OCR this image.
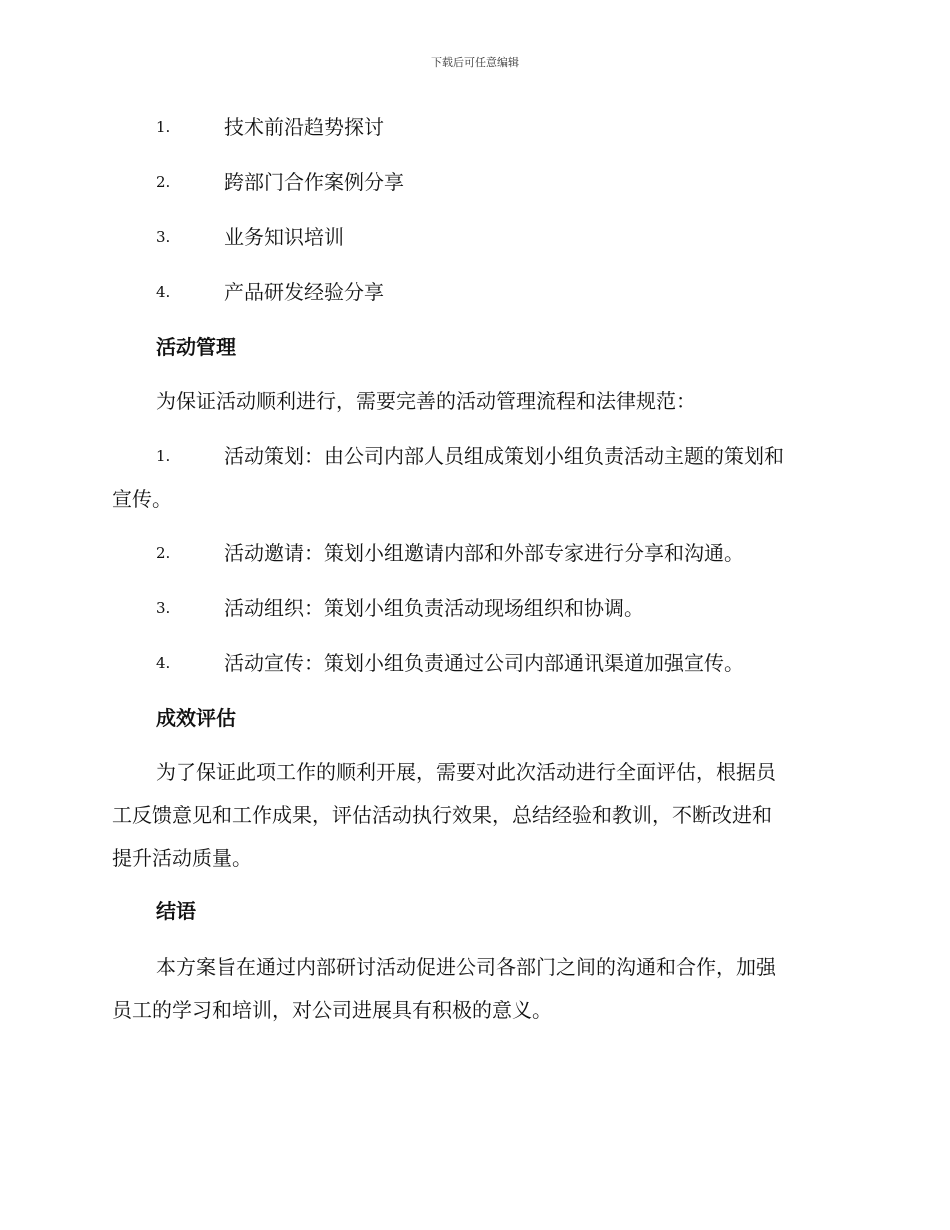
下载后可任意编辑
1.	技术前沿趋势探讨
2.	跨部门合作案例分享
3.	业务知识培训
4.	产品研发经验分享
活动管理
为保证活动顺利进行，需要完善的活动管理流程和法律规范：
1.	活动策划：由公司内部人员组成策划小组负责活动主题的策划和
宣传。
2.	活动邀请：策划小组邀请内部和外部专家进行分享和沟通。
3.	活动组织：策划小组负责活动现场组织和协调。
4.	活动宣传：策划小组负责通过公司内部通讯渠道加强宣传。
成效评估
为了保证此项工作的顺利开展，需要对此次活动进行全面评估，根据员
工反馈意见和工作成果，评估活动执行效果，总结经验和教训，不断改进和
提升活动质量。
结语
本方案旨在通过内部研讨活动促进公司各部门之间的沟通和合作，加强
员工的学习和培训，对公司进展具有积极的意义。
